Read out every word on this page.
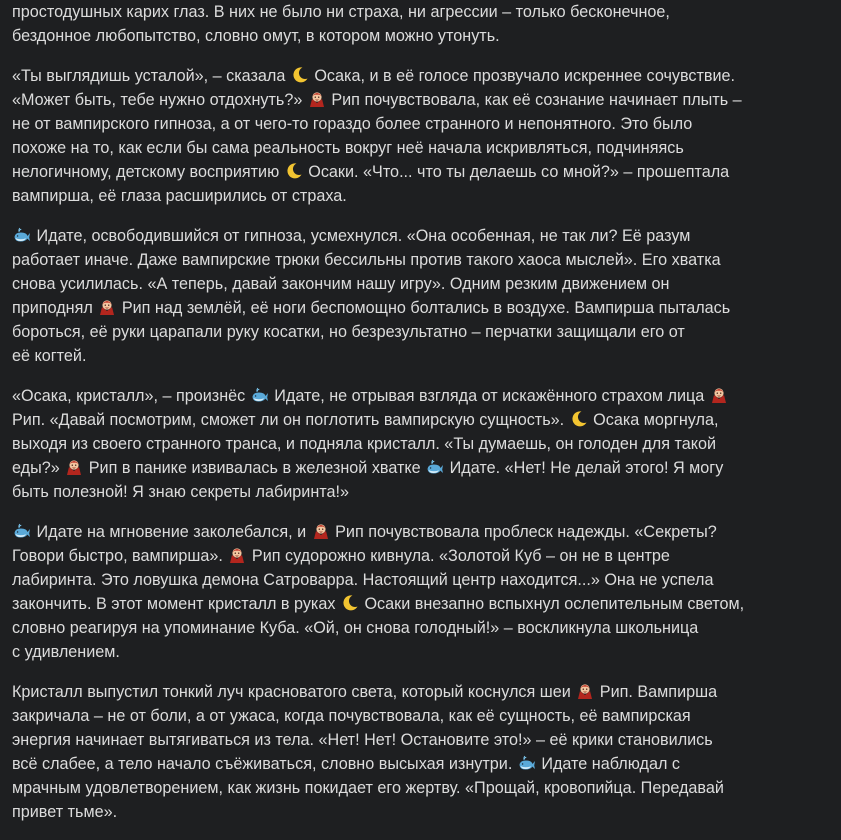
простодушных карих глаз. В них не было ни страха, ни агрессии – только бесконечное,
бездонное любопытство, словно омут, в котором можно утонуть.
«Ты выглядишь усталой», – сказала
Осака, и в её голосе прозвучало искреннее сочувствие.
«Может быть, тебе нужно отдохнуть?»
Рип почувствовала, как её сознание начинает плыть –
не от вампирского гипноза, а от чего-то гораздо более странного и непонятного. Это было
похоже на то, как если бы сама реальность вокруг неё начала искривляться, подчиняясь
нелогичному, детскому восприятию
Осаки. «Что... что ты делаешь со мной?» – прошептала
вампирша, её глаза расширились от страха.
Идате, освободившийся от гипноза, усмехнулся. «Она особенная, не так ли? Её разум
работает иначе. Даже вампирские трюки бессильны против такого хаоса мыслей». Его хватка
снова усилилась. «А теперь, давай закончим нашу игру». Одним резким движением он
приподнял
Рип над землёй, её ноги беспомощно болтались в воздухе. Вампирша пыталась
бороться, её руки царапали руку косатки, но безрезультатно – перчатки защищали его от
её когтей.
«Осака, кристалл», – произнёс
Идате, не отрывая взгляда от искажённого страхом лица
Рип. «Давай посмотрим, сможет ли он поглотить вампирскую сущность».
Осака моргнула,
выходя из своего странного транса, и подняла кристалл. «Ты думаешь, он голоден для такой
еды?»
Рип в панике извивалась в железной хватке
Идате. «Нет! Не делай этого! Я могу
быть полезной! Я знаю секреты лабиринта!»
Идате на мгновение заколебался, и
Рип почувствовала проблеск надежды. «Секреты?
Говори быстро, вампирша».
Рип судорожно кивнула. «Золотой Куб – он не в центре
лабиринта. Это ловушка демона Сатроварра. Настоящий центр находится...» Она не успела
закончить. В этот момент кристалл в руках
Осаки внезапно вспыхнул ослепительным светом,
словно реагируя на упоминание Куба. «Ой, он снова голодный!» – воскликнула школьница
с удивлением.
Кристалл выпустил тонкий луч красноватого света, который коснулся шеи
Рип. Вампирша
закричала – не от боли, а от ужаса, когда почувствовала, как её сущность, её вампирская
энергия начинает вытягиваться из тела. «Нет! Нет! Остановите это!» – её крики становились
всё слабее, а тело начало съёживаться, словно высыхая изнутри.
Идате наблюдал с
мрачным удовлетворением, как жизнь покидает его жертву. «Прощай, кровопийца. Передавай
привет тьме».
